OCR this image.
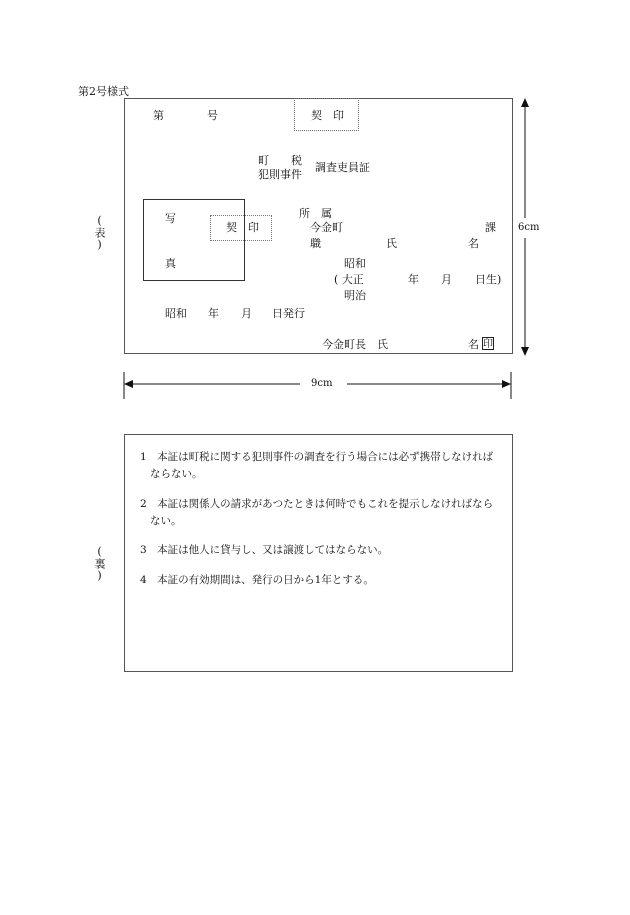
第2号様式
(表)
第	号	契　印
町　　税
犯則事件
調査吏員証
写
真
契　印
所　属
今金町	課
職	氏	名
昭和
( 大正	年 月 日生)
明治
昭和 年 月 日発行
今金町長　氏	名 印
6cm
9cm
(裏)
1　本証は町税に関する犯則事件の調査を行う場合には必ず携帯しなければ
ならない。
2　本証は関係人の請求があつたときは何時でもこれを提示しなければなら
ない。
3　本証は他人に貸与し、又は譲渡してはならない。
4　本証の有効期間は、発行の日から1年とする。
